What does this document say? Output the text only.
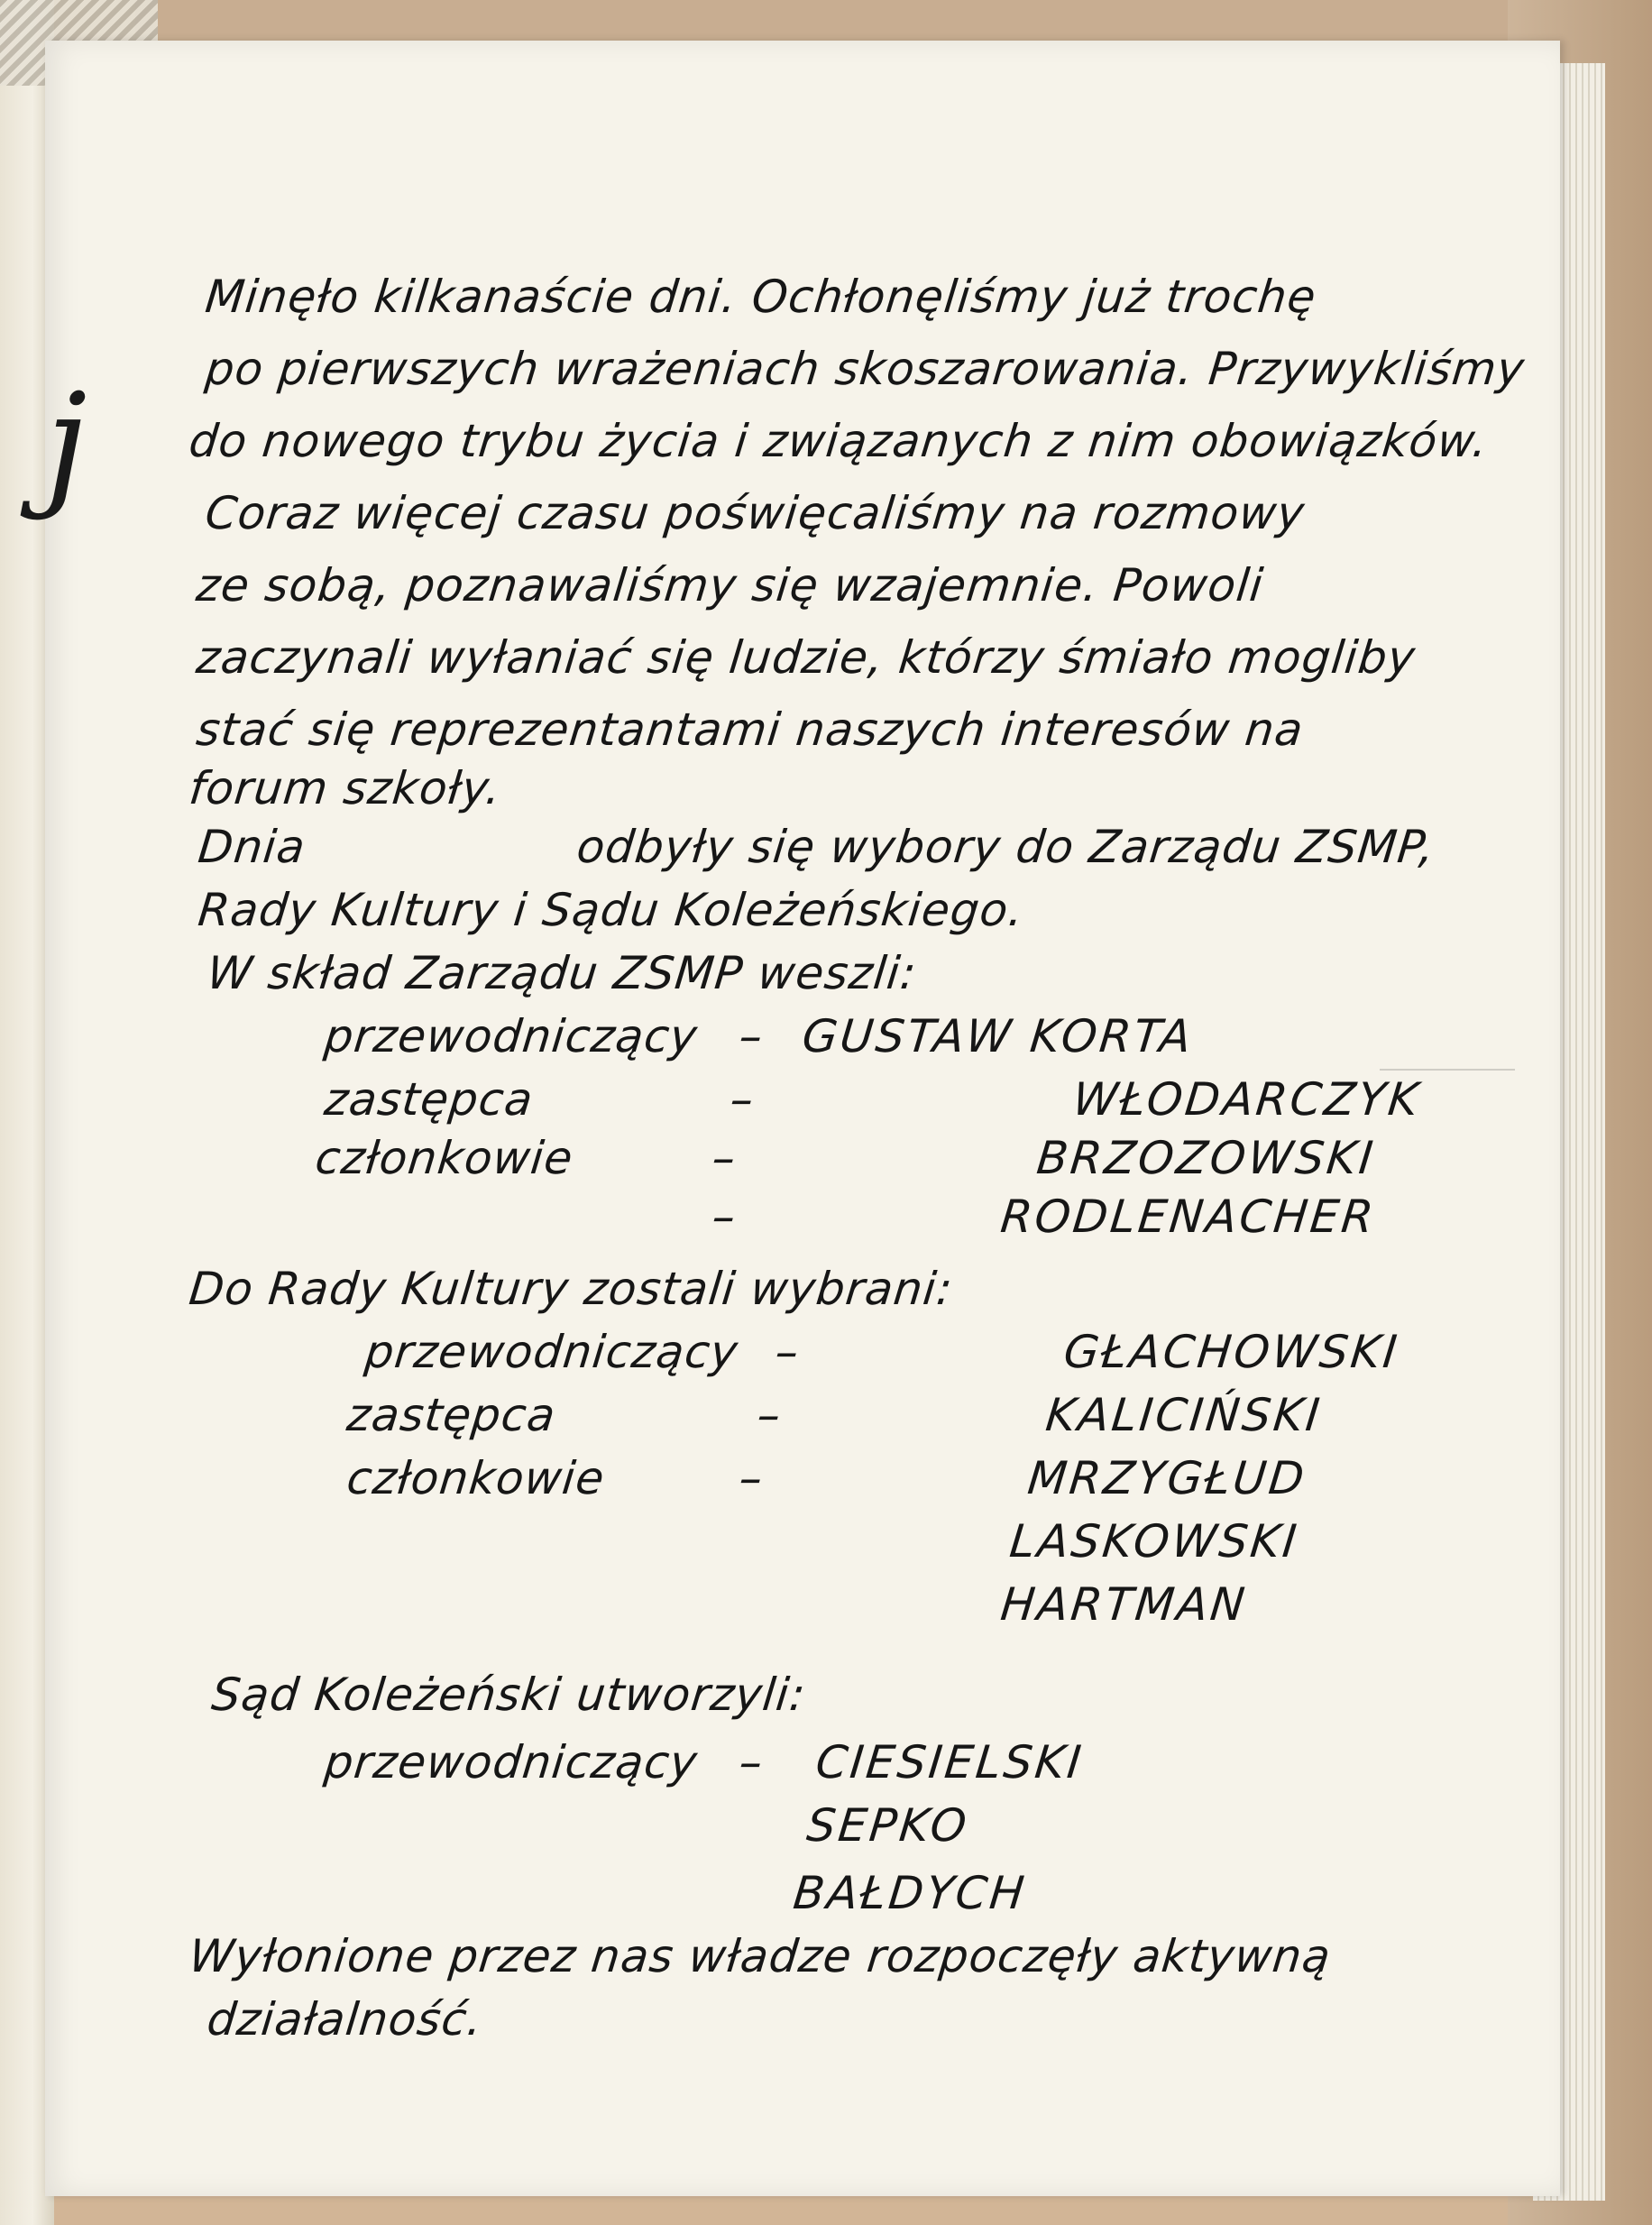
j
Minęło kilkanaście dni. Ochłonęliśmy już trochę
po pierwszych wrażeniach skoszarowania. Przywykliśmy
do nowego trybu życia i związanych z nim obowiązków.
Coraz więcej czasu poświęcaliśmy na rozmowy
ze sobą, poznawaliśmy się wzajemnie. Powoli
zaczynali wyłaniać się ludzie, którzy śmiało mogliby
stać się reprezentantami naszych interesów na
forum szkoły.
Dnia	odbyły się wybory do Zarządu ZSMP,
Rady Kultury i Sądu Koleżeńskiego.
W skład Zarządu ZSMP weszli:
przewodniczący – GUSTAW KORTA
zastępca	–	WŁODARCZYK
członkowie	–	BRZOZOWSKI
–	RODLENACHER
Do Rady Kultury zostali wybrani:
przewodniczący –	GŁACHOWSKI
zastępca	–	KALICIŃSKI
członkowie	–	MRZYGŁUD
LASKOWSKI
HARTMAN
Sąd Koleżeński utworzyli:
przewodniczący – CIESIELSKI
SEPKO
BAŁDYCH
Wyłonione przez nas władze rozpoczęły aktywną
działalność.
